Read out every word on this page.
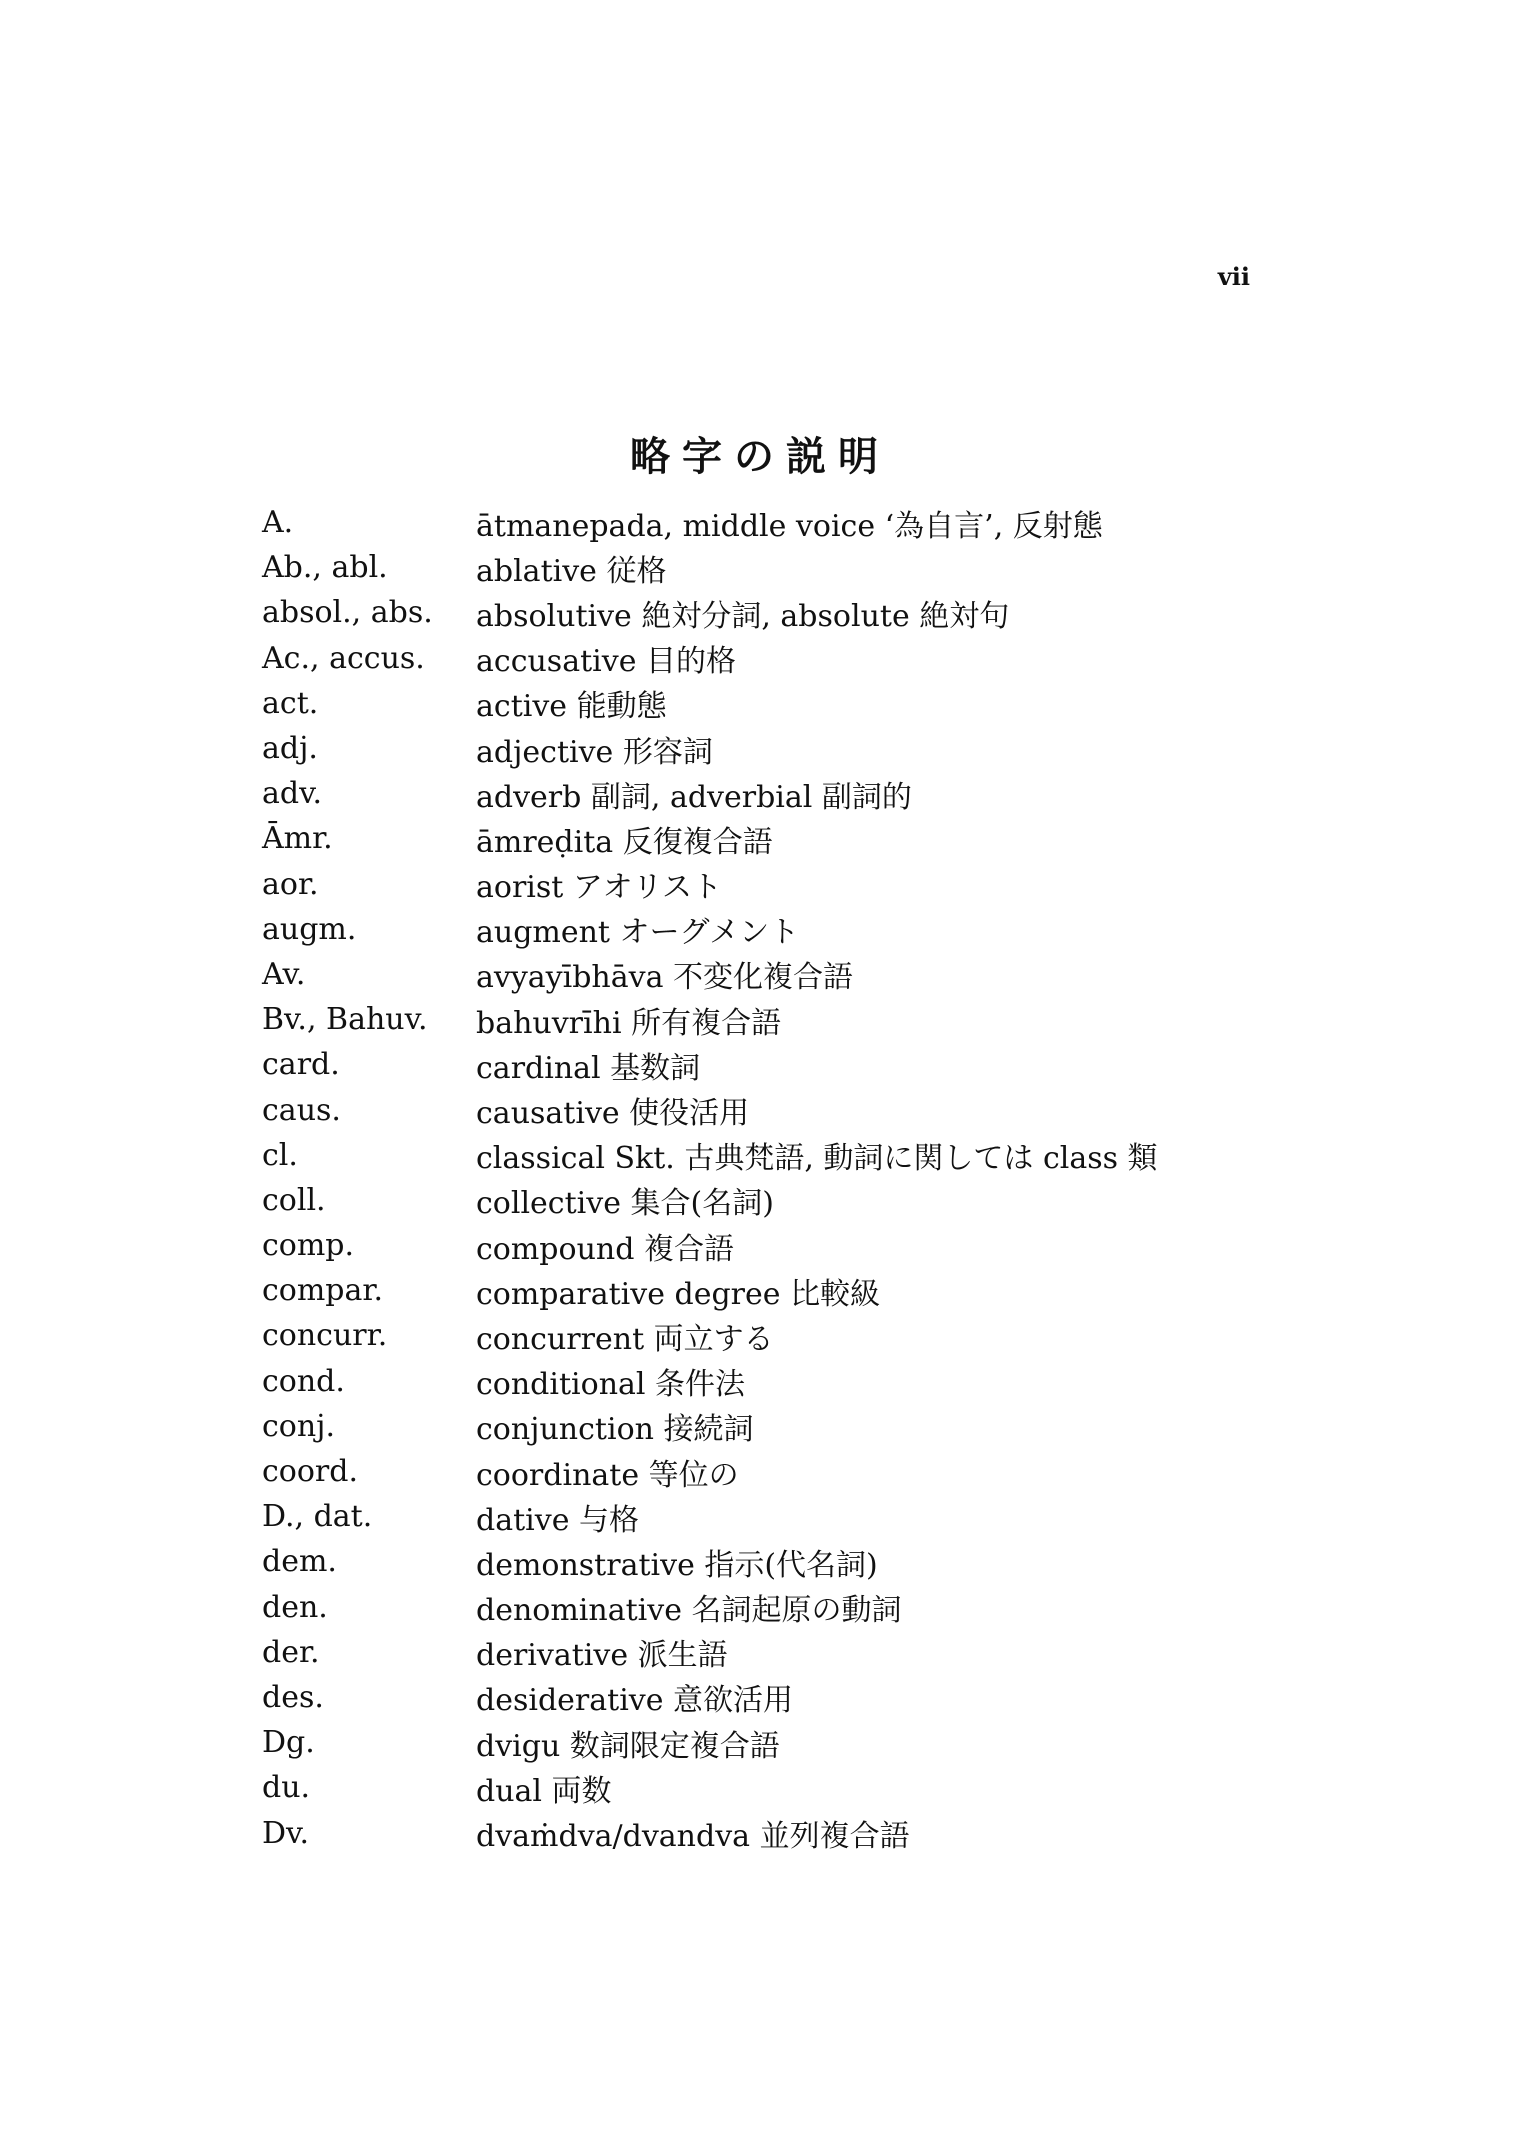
vii
略字の説明
A.	ātmanepada, middle voice ‘為自言’, 反射態
Ab., abl.	ablative 従格
absol., abs.	absolutive 絶対分詞, absolute 絶対句
Ac., accus.	accusative 目的格
act.	active 能動態
adj.	adjective 形容詞
adv.	adverb 副詞, adverbial 副詞的
Āmr.	āmreḍita 反復複合語
aor.	aorist アオリスト
augm.	augment オーグメント
Av.	avyayībhāva 不変化複合語
Bv., Bahuv.	bahuvrīhi 所有複合語
card.	cardinal 基数詞
caus.	causative 使役活用
cl.	classical Skt. 古典梵語, 動詞に関しては class 類
coll.	collective 集合(名詞)
comp.	compound 複合語
compar.	comparative degree 比較級
concurr.	concurrent 両立する
cond.	conditional 条件法
conj.	conjunction 接続詞
coord.	coordinate 等位の
D., dat.	dative 与格
dem.	demonstrative 指示(代名詞)
den.	denominative 名詞起原の動詞
der.	derivative 派生語
des.	desiderative 意欲活用
Dg.	dvigu 数詞限定複合語
du.	dual 両数
Dv.	dvaṁdva/dvandva 並列複合語
